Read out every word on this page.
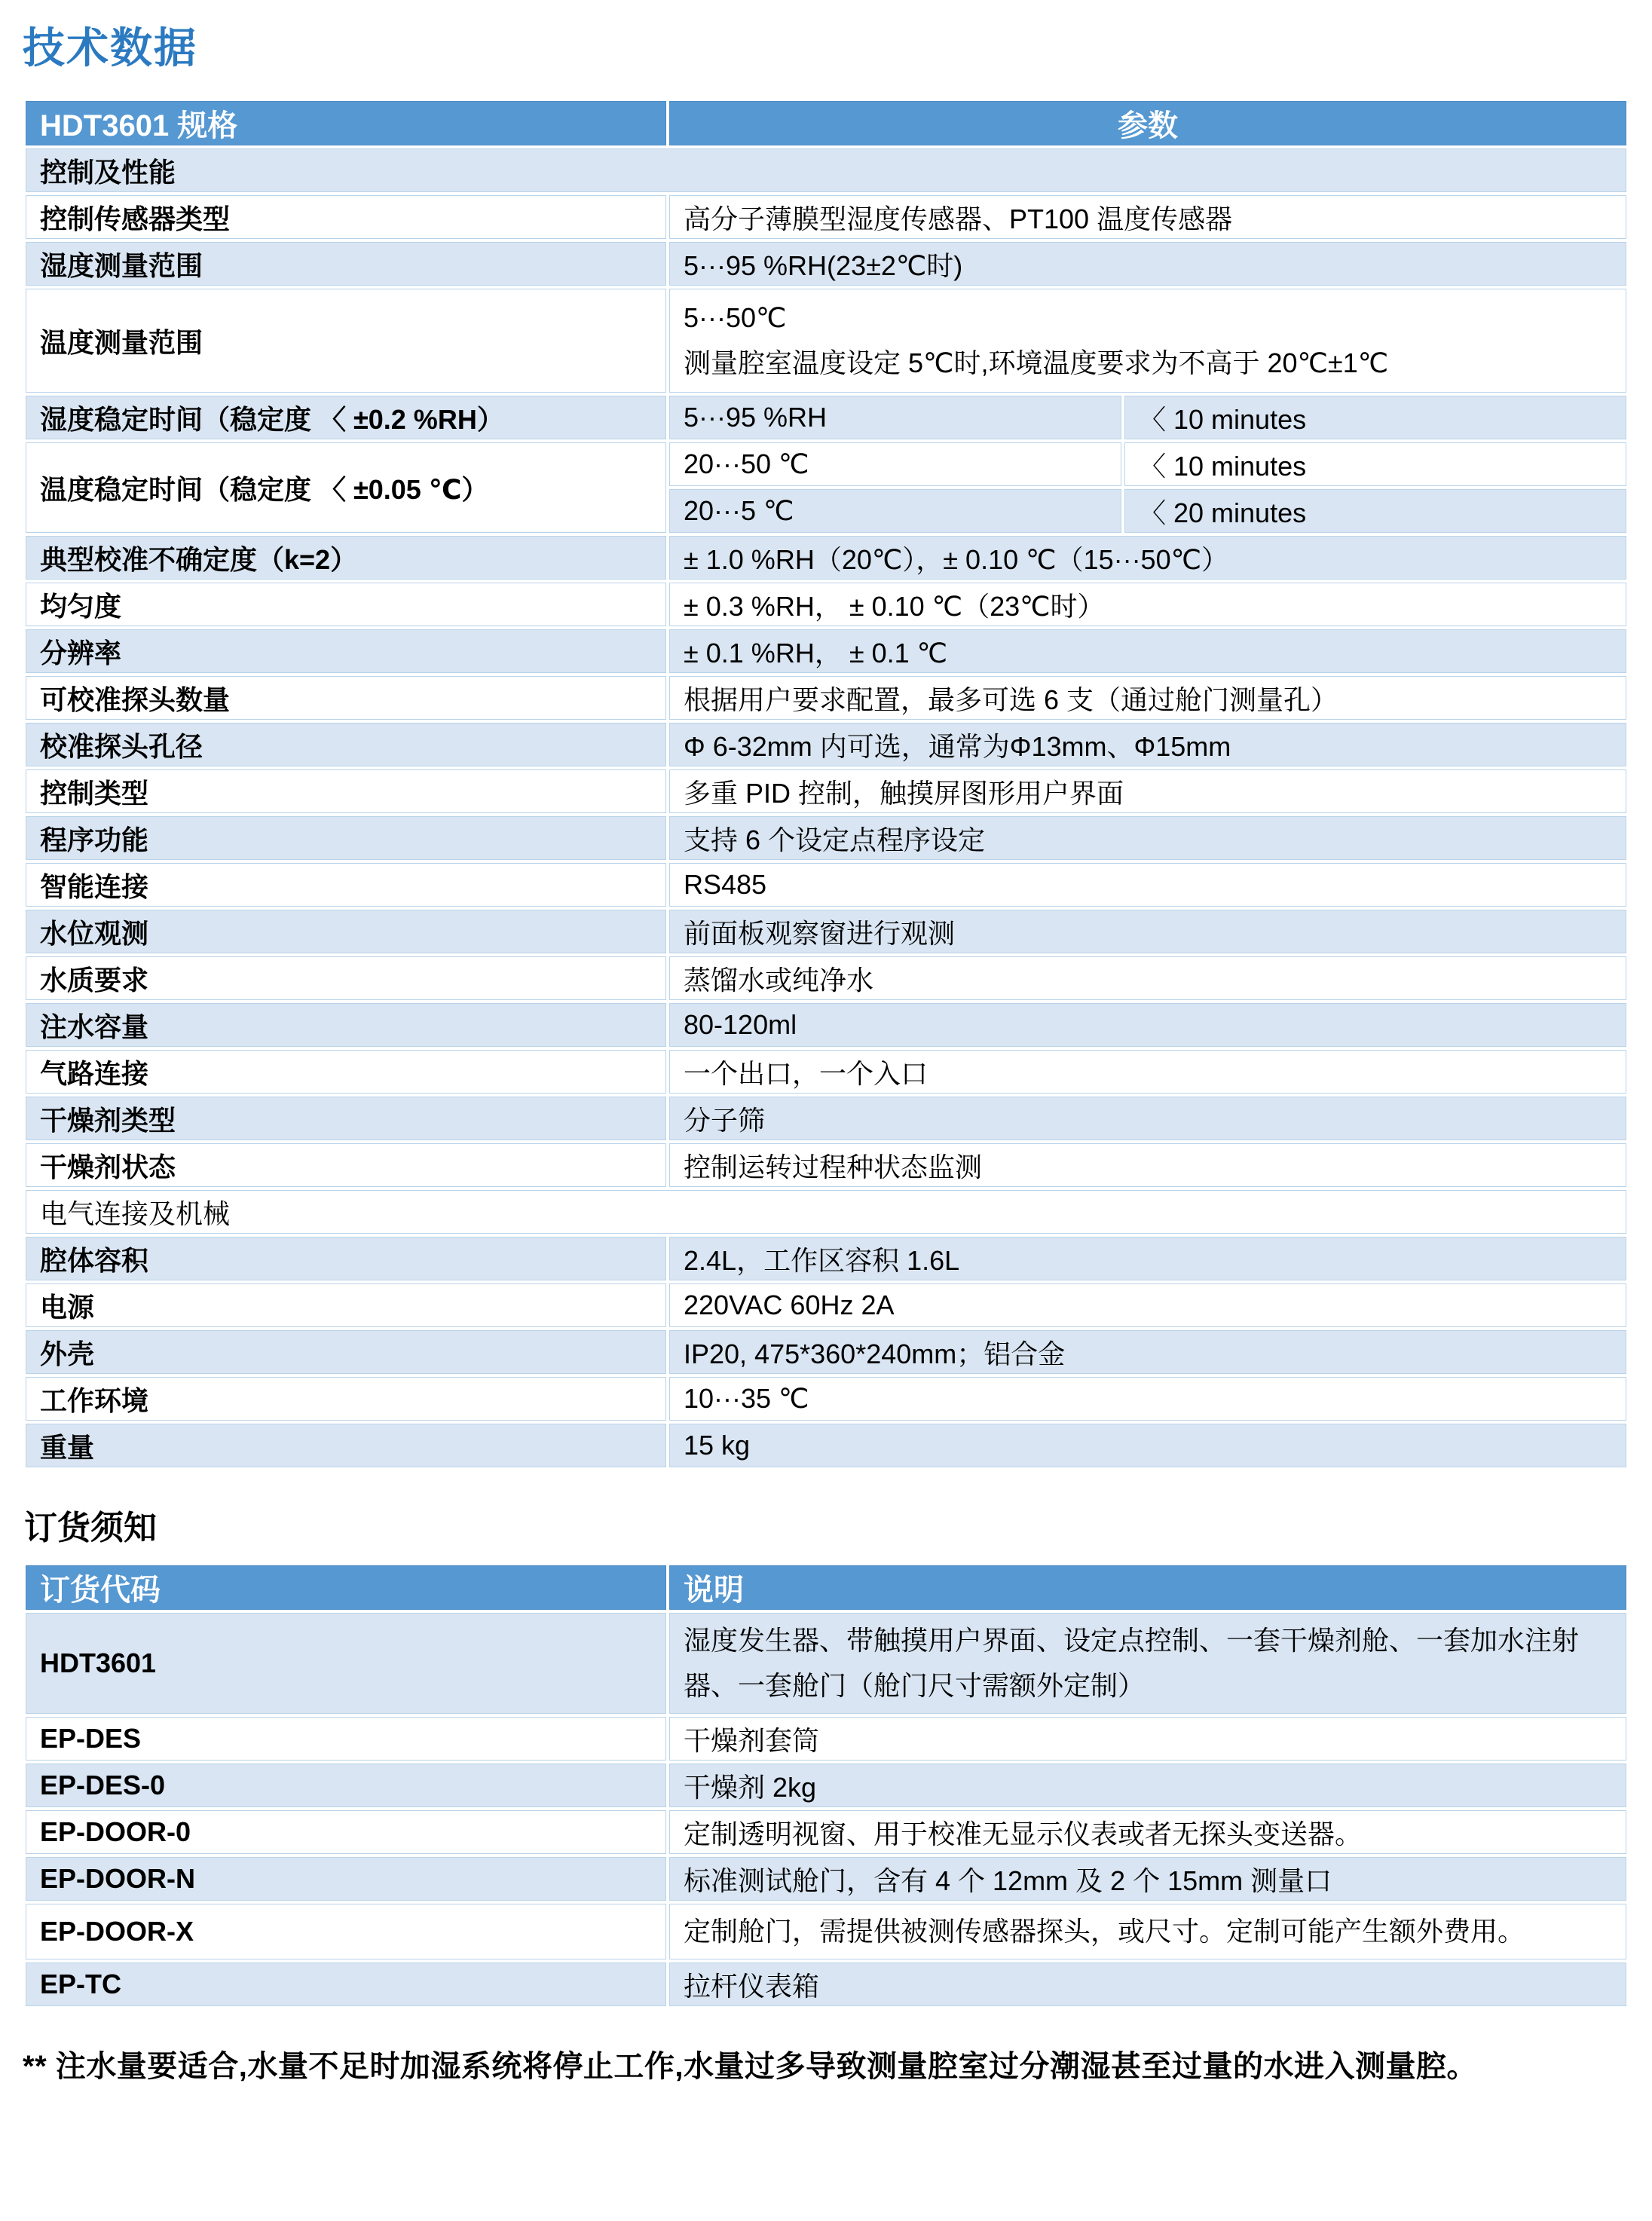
技术数据
HDT3601 规格	参数	
控制及性能		
控制传感器类型	高分子薄膜型湿度传感器、PT100 温度传感器	
湿度测量范围	5···95 %RH(23±2℃时)	
温度测量范围	5···50℃
测量腔室温度设定 5℃时,环境温度要求为不高于 20℃±1℃	

湿度稳定时间（稳定度 〈 ±0.2 %RH）	5···95 %RH	〈 10 minutes
温度稳定时间（稳定度 〈 ±0.05 ℃）	20···50 ℃	〈 10 minutes
	20···5 ℃	〈 20 minutes
典型校准不确定度（k=2）	± 1.0 %RH（20℃），± 0.10 ℃（15···50℃）	
均匀度	± 0.3 %RH， ± 0.10 ℃（23℃时）	
分辨率	± 0.1 %RH， ± 0.1 ℃	
可校准探头数量	根据用户要求配置，最多可选 6 支（通过舱门测量孔）	
校准探头孔径	Φ 6-32mm 内可选，通常为Φ13mm、Φ15mm	
控制类型	多重 PID 控制，触摸屏图形用户界面	
程序功能	支持 6 个设定点程序设定	
智能连接	RS485	
水位观测	前面板观察窗进行观测	
水质要求	蒸馏水或纯净水	
注水容量	80-120ml	
气路连接	一个出口，一个入口	
干燥剂类型	分子筛	
干燥剂状态	控制运转过程种状态监测	
电气连接及机械		
腔体容积	2.4L，工作区容积 1.6L	
电源	220VAC 60Hz 2A	
外壳	IP20, 475*360*240mm；铝合金	
工作环境	10···35 ℃	
重量	15 kg	
订货须知
订货代码	说明
HDT3601	湿度发生器、带触摸用户界面、设定点控制、一套干燥剂舱、一套加水注射器、一套舱门（舱门尺寸需额外定制）
EP-DES	干燥剂套筒
EP-DES-0	干燥剂 2kg
EP-DOOR-0	定制透明视窗、用于校准无显示仪表或者无探头变送器。
EP-DOOR-N	标准测试舱门，含有 4 个 12mm 及 2 个 15mm 测量口
EP-DOOR-X	定制舱门，需提供被测传感器探头，或尺寸。定制可能产生额外费用。
EP-TC	拉杆仪表箱
** 注水量要适合,水量不足时加湿系统将停止工作,水量过多导致测量腔室过分潮湿甚至过量的水进入测量腔。
